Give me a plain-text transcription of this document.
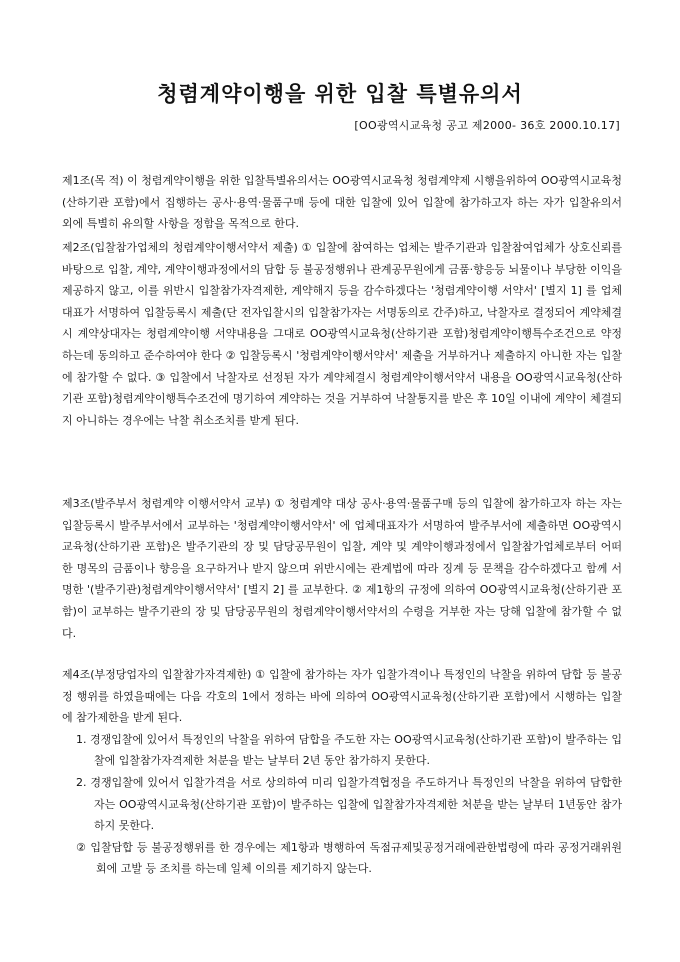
청렴계약이행을 위한 입찰 특별유의서
[OO광역시교육청 공고 제2000- 36호 2000.10.17]

제1조(목 적) 이 청렴계약이행을 위한 입찰특별유의서는 OO광역시교육청 청렴계약제 시행을위하여 OO광역시교육청(산하기관 포함)에서 집행하는 공사·용역·물품구매 등에 대한 입찰에 있어 입찰에 참가하고자 하는 자가 입찰유의서 외에 특별히 유의할 사항을 정함을 목적으로 한다.

제2조(입찰참가업체의 청렴계약이행서약서 제출) ① 입찰에 참여하는 업체는 발주기관과 입찰참여업체가 상호신뢰를 바탕으로 입찰, 계약, 계약이행과정에서의 담합 등 불공정행위나 관계공무원에게 금품·향응등 뇌물이나 부당한 이익을 제공하지 않고, 이를 위반시 입찰참가자격제한, 계약해지 등을 감수하겠다는 '청렴계약이행 서약서' [별지 1] 를 업체대표가 서명하여 입찰등록시 제출(단 전자입찰시의 입찰참가자는 서명동의로 간주)하고, 낙찰자로 결정되어 계약체결시 계약상대자는 청렴계약이행 서약내용을 그대로 OO광역시교육청(산하기관 포함)청렴계약이행특수조건으로 약정하는데 동의하고 준수하여야 한다 ② 입찰등록시 '청렴계약이행서약서' 제출을 거부하거나 제출하지 아니한 자는 입찰에 참가할 수 없다. ③ 입찰에서 낙찰자로 선정된 자가 계약체결시 청렴계약이행서약서 내용을 OO광역시교육청(산하기관 포함)청렴계약이행특수조건에 명기하여 계약하는 것을 거부하여 낙찰통지를 받은 후 10일 이내에 계약이 체결되지 아니하는 경우에는 낙찰 취소조치를 받게 된다.

제3조(발주부서 청렴계약 이행서약서 교부) ① 청렴계약 대상 공사·용역·물품구매 등의 입찰에 참가하고자 하는 자는 입찰등록시 발주부서에서 교부하는 '청렴계약이행서약서' 에 업체대표자가 서명하여 발주부서에 제출하면 OO광역시교육청(산하기관 포함)은 발주기관의 장 및 담당공무원이 입찰, 계약 및 계약이행과정에서 입찰참가업체로부터 어떠한 명목의 금품이나 향응을 요구하거나 받지 않으며 위반시에는 관계법에 따라 징계 등 문책을 감수하겠다고 함께 서명한 '(발주기관)청렴계약이행서약서' [별지 2] 를 교부한다. ② 제1항의 규정에 의하여 OO광역시교육청(산하기관 포함)이 교부하는 발주기관의 장 및 담당공무원의 청렴계약이행서약서의 수령을 거부한 자는 당해 입찰에 참가할 수 없다.

제4조(부정당업자의 입찰참가자격제한) ① 입찰에 참가하는 자가 입찰가격이나 특정인의 낙찰을 위하여 담합 등 불공정 행위를 하였을때에는 다음 각호의 1에서 정하는 바에 의하여 OO광역시교육청(산하기관 포함)에서 시행하는 입찰에 참가제한을 받게 된다.

1. 경쟁입찰에 있어서 특정인의 낙찰을 위하여 담합을 주도한 자는 OO광역시교육청(산하기관 포함)이 발주하는 입찰에 입찰참가자격제한 처분을 받는 날부터 2년 동안 참가하지 못한다.

2. 경쟁입찰에 있어서 입찰가격을 서로 상의하여 미리 입찰가격협정을 주도하거나 특정인의 낙찰을 위하여 담합한 자는 OO광역시교육청(산하기관 포함)이 발주하는 입찰에 입찰참가자격제한 처분을 받는 날부터 1년동안 참가하지 못한다.

② 입찰담합 등 불공정행위를 한 경우에는 제1항과 병행하여 독점규제및공정거래에관한법령에 따라 공정거래위원회에 고발 등 조치를 하는데 일체 이의를 제기하지 않는다.
